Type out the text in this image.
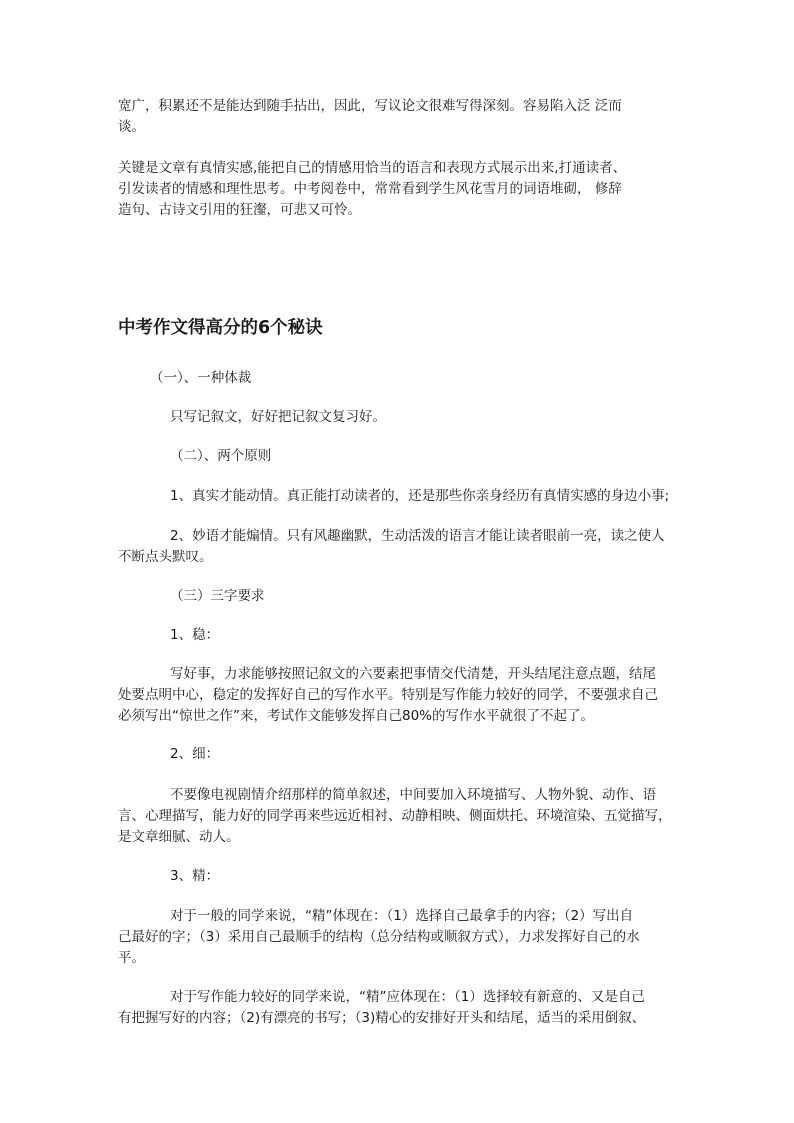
宽广，积累还不是能达到随手拈出，因此，写议论文很难写得深刻。容易陷入泛 泛而
谈。

关键是文章有真情实感,能把自己的情感用恰当的语言和表现方式展示出来,打通读者、
引发读者的情感和理性思考。中考阅卷中，常常看到学生风花雪月的词语堆砌， 修辞
造句、古诗文引用的狂瀣，可悲又可怜。

中考作文得高分的6个秘诀

（一）、一种体裁

只写记叙文，好好把记叙文复习好。

（二）、两个原则

1、真实才能动情。真正能打动读者的，还是那些你亲身经历有真情实感的身边小事;

2、妙语才能煽情。只有风趣幽默，生动活泼的语言才能让读者眼前一亮，读之使人
不断点头默叹。

（三）三字要求

1、稳：

写好事，力求能够按照记叙文的六要素把事情交代清楚，开头结尾注意点题，结尾
处要点明中心，稳定的发挥好自己的写作水平。特别是写作能力较好的同学，不要强求自己
必须写出“惊世之作”来，考试作文能够发挥自己80%的写作水平就很了不起了。

2、细：

不要像电视剧情介绍那样的简单叙述，中间要加入环境描写、人物外貌、动作、语
言、心理描写，能力好的同学再来些远近相衬、动静相映、侧面烘托、环境渲染、五觉描写，
是文章细腻、动人。

3、精：

对于一般的同学来说，“精”体现在：（1）选择自己最拿手的内容；（2）写出自
己最好的字；（3）采用自己最顺手的结构（总分结构或顺叙方式），力求发挥好自己的水
平。

对于写作能力较好的同学来说，“精”应体现在：（1）选择较有新意的、又是自己
有把握写好的内容；（2)有漂亮的书写；（3)精心的安排好开头和结尾，适当的采用倒叙、
